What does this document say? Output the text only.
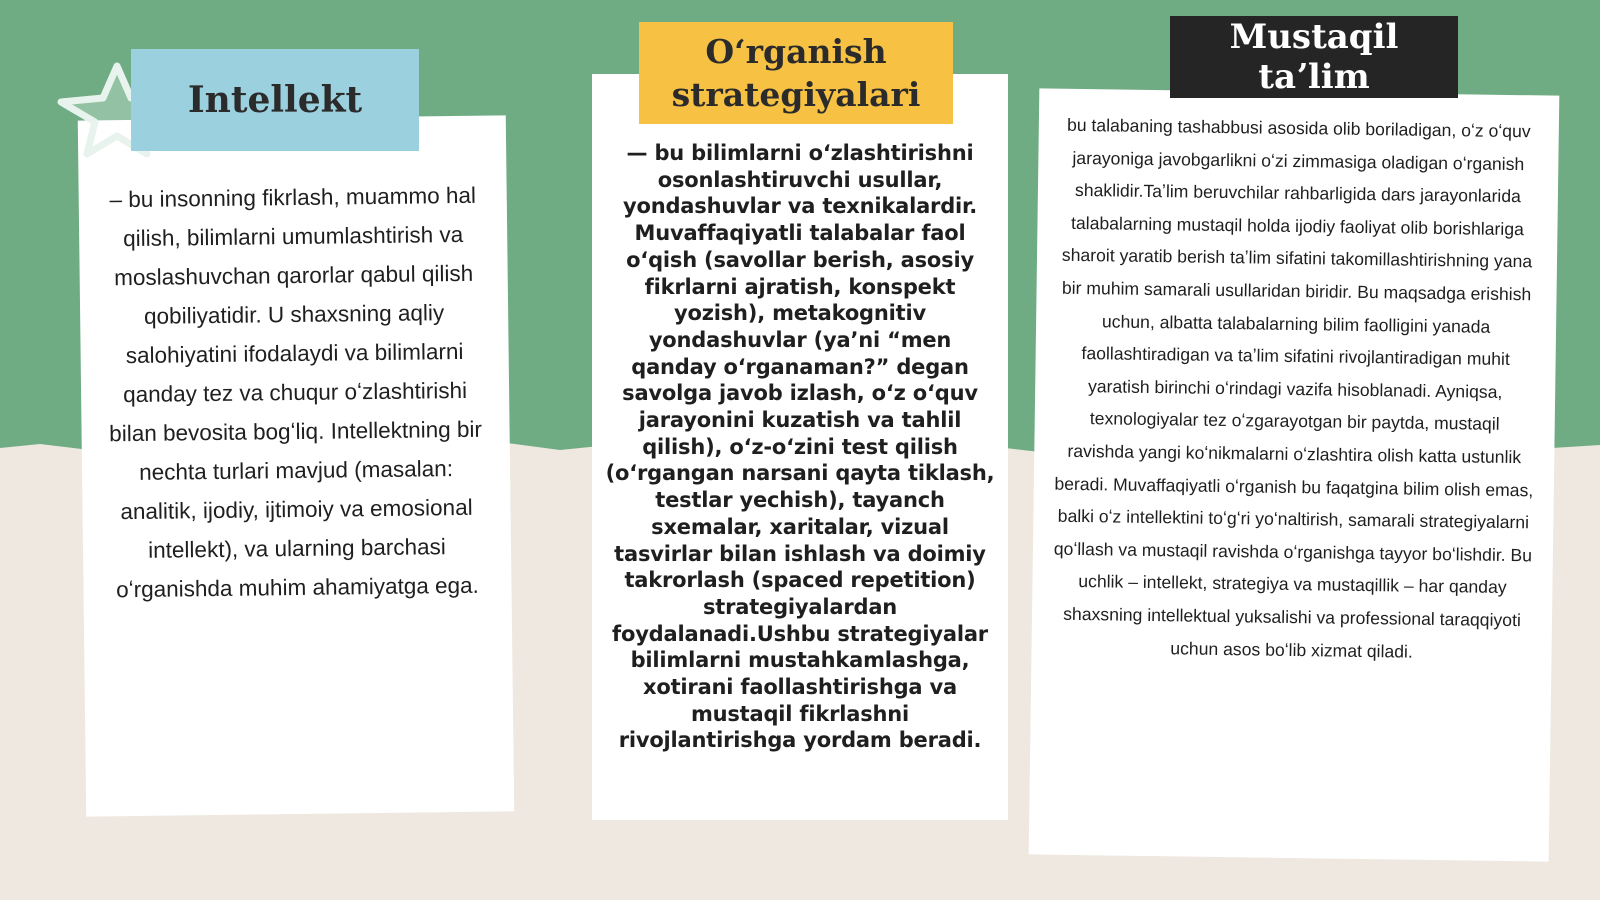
– bu insonning fikrlash, muammo hal qilish, bilimlarni umumlashtirish va moslashuvchan qarorlar qabul qilish qobiliyatidir. U shaxsning aqliy salohiyatini ifodalaydi va bilimlarni qanday tez va chuqur oʻzlashtirishi bilan bevosita bogʻliq. Intellektning bir nechta turlari mavjud (masalan: analitik, ijodiy, ijtimoiy va emosional intellekt), va ularning barchasi oʻrganishda muhim ahamiyatga ega.
Intellekt
— bu bilimlarni oʻzlashtirishni osonlashtiruvchi usullar, yondashuvlar va texnikalardir. Muvaffaqiyatli talabalar faol oʻqish (savollar berish, asosiy fikrlarni ajratish, konspekt yozish), metakognitiv yondashuvlar (yaʼni “men qanday oʻrganaman?” degan savolga javob izlash, oʻz oʻquv jarayonini kuzatish va tahlil qilish), oʻz-oʻzini test qilish (oʻrgangan narsani qayta tiklash, testlar yechish), tayanch sxemalar, xaritalar, vizual tasvirlar bilan ishlash va doimiy takrorlash (spaced repetition) strategiyalardan foydalanadi.Ushbu strategiyalar bilimlarni mustahkamlashga, xotirani faollashtirishga va mustaqil fikrlashni rivojlantirishga yordam beradi.
Oʻrganish strategiyalari
bu talabaning tashabbusi asosida olib boriladigan, oʻz oʻquv jarayoniga javobgarlikni oʻzi zimmasiga oladigan oʻrganish shaklidir.Taʼlim beruvchilar rahbarligida dars jarayonlarida talabalarning mustaqil holda ijodiy faoliyat olib borishlariga sharoit yaratib berish taʼlim sifatini takomillashtirishning yana bir muhim samarali usullaridan biridir. Bu maqsadga erishish uchun, albatta talabalarning bilim faolligini yanada faollashtiradigan va taʼlim sifatini rivojlantiradigan muhit yaratish birinchi oʻrindagi vazifa hisoblanadi. Ayniqsa, texnologiyalar tez oʻzgarayotgan bir paytda, mustaqil ravishda yangi koʻnikmalarni oʻzlashtira olish katta ustunlik beradi. Muvaffaqiyatli oʻrganish bu faqatgina bilim olish emas, balki oʻz intellektini toʻgʻri yoʻnaltirish, samarali strategiyalarni qoʻllash va mustaqil ravishda oʻrganishga tayyor boʻlishdir. Bu uchlik – intellekt, strategiya va mustaqillik – har qanday shaxsning intellektual yuksalishi va professional taraqqiyoti uchun asos boʻlib xizmat qiladi.
Mustaqil taʼlim
